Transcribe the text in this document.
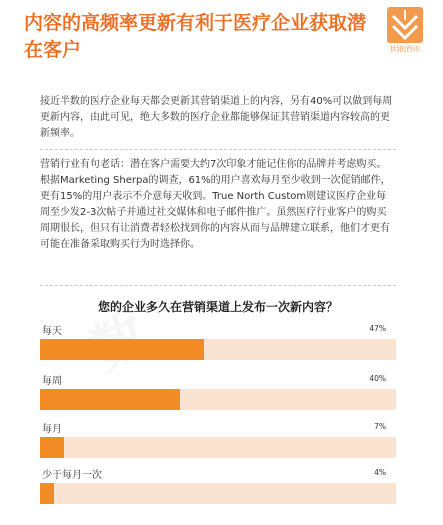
内容的高频率更新有利于医疗企业获取潜在客户	钛铂|西川

接近半数的医疗企业每天都会更新其营销渠道上的内容，另有40%可以做到每周更新内容，由此可见，绝大多数的医疗企业都能够保证其营销渠道内容较高的更新频率。

营销行业有句老话：潜在客户需要大约7次印象才能记住你的品牌并考虑购买。根据Marketing Sherpa的调查，61%的用户喜欢每月至少收到一次促销邮件，更有15%的用户表示不介意每天收到。True North Custom则建议医疗企业每周至少发2-3次帖子并通过社交媒体和电子邮件推广。虽然医疗行业客户的购买周期很长，但只有让消费者轻松找到你的内容从而与品牌建立联系，他们才更有可能在准备采取购买行为时选择你。

您的企业多久在营销渠道上发布一次新内容？
每天	47%
每周	40%
每月	7%
少于每月一次	4%
